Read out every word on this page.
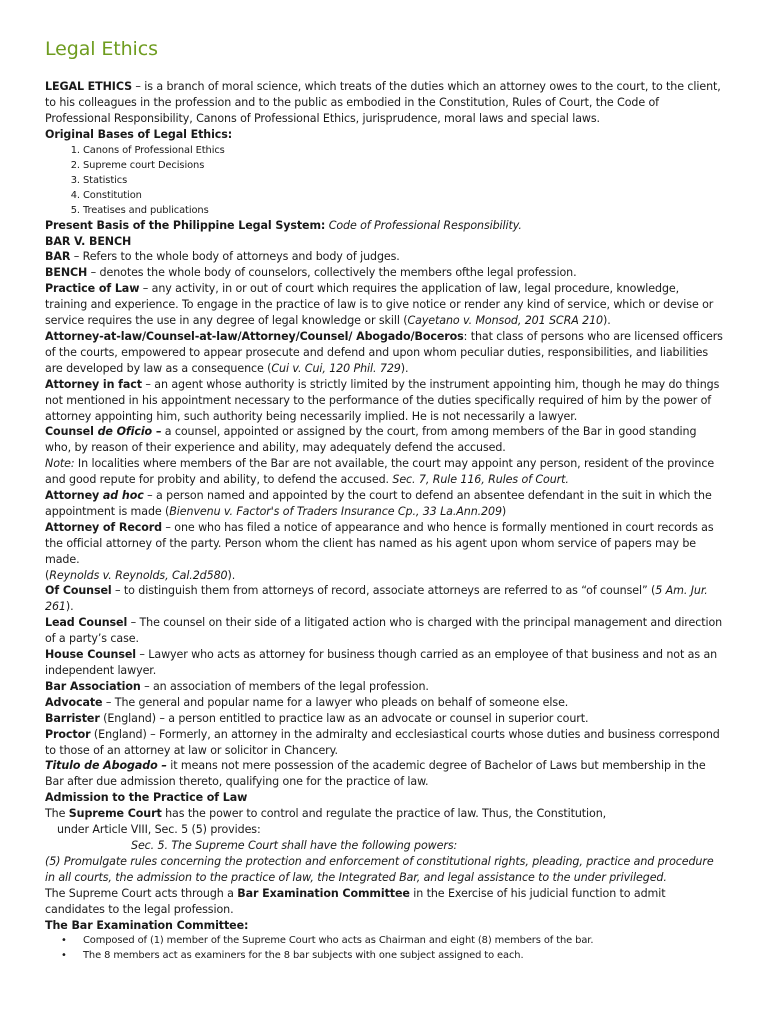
Legal Ethics

LEGAL ETHICS – is a branch of moral science, which treats of the duties which an attorney owes to the court, to the client, to his colleagues in the profession and to the public as embodied in the Constitution, Rules of Court, the Code of Professional Responsibility, Canons of Professional Ethics, jurisprudence, moral laws and special laws.

Original Bases of Legal Ethics:

1. Canons of Professional Ethics
2. Supreme court Decisions
3. Statistics
4. Constitution
5. Treatises and publications

Present Basis of the Philippine Legal System: Code of Professional Responsibility.

BAR V. BENCH

BAR – Refers to the whole body of attorneys and body of judges.

BENCH – denotes the whole body of counselors, collectively the members ofthe legal profession.

Practice of Law – any activity, in or out of court which requires the application of law, legal procedure, knowledge, training and experience. To engage in the practice of law is to give notice or render any kind of service, which or devise or service requires the use in any degree of legal knowledge or skill (Cayetano v. Monsod, 201 SCRA 210).

Attorney-at-law/Counsel-at-law/Attorney/Counsel/ Abogado/Boceros: that class of persons who are licensed officers of the courts, empowered to appear prosecute and defend and upon whom peculiar duties, responsibilities, and liabilities are developed by law as a consequence (Cui v. Cui, 120 Phil. 729).

Attorney in fact – an agent whose authority is strictly limited by the instrument appointing him, though he may do things not mentioned in his appointment necessary to the performance of the duties specifically required of him by the power of attorney appointing him, such authority being necessarily implied. He is not necessarily a lawyer.

Counsel de Oficio – a counsel, appointed or assigned by the court, from among members of the Bar in good standing who, by reason of their experience and ability, may adequately defend the accused.

Note: In localities where members of the Bar are not available, the court may appoint any person, resident of the province and good repute for probity and ability, to defend the accused. Sec. 7, Rule 116, Rules of Court.

Attorney ad hoc – a person named and appointed by the court to defend an absentee defendant in the suit in which the appointment is made (Bienvenu v. Factor's of Traders Insurance Cp., 33 La.Ann.209)

Attorney of Record – one who has filed a notice of appearance and who hence is formally mentioned in court records as the official attorney of the party. Person whom the client has named as his agent upon whom service of papers may be made.

(Reynolds v. Reynolds, Cal.2d580).

Of Counsel – to distinguish them from attorneys of record, associate attorneys are referred to as “of counsel” (5 Am. Jur. 261).

Lead Counsel – The counsel on their side of a litigated action who is charged with the principal management and direction of a party’s case.

House Counsel – Lawyer who acts as attorney for business though carried as an employee of that business and not as an independent lawyer.

Bar Association – an association of members of the legal profession.

Advocate – The general and popular name for a lawyer who pleads on behalf of someone else.

Barrister (England) – a person entitled to practice law as an advocate or counsel in superior court.

Proctor (England) – Formerly, an attorney in the admiralty and ecclesiastical courts whose duties and business correspond to those of an attorney at law or solicitor in Chancery.

Titulo de Abogado – it means not mere possession of the academic degree of Bachelor of Laws but membership in the Bar after due admission thereto, qualifying one for the practice of law.

Admission to the Practice of Law

The Supreme Court has the power to control and regulate the practice of law. Thus, the Constitution,

under Article VIII, Sec. 5 (5) provides:

Sec. 5. The Supreme Court shall have the following powers:
(5) Promulgate rules concerning the protection and enforcement of constitutional rights, pleading, practice and procedure in all courts, the admission to the practice of law, the Integrated Bar, and legal assistance to the under privileged.

The Supreme Court acts through a Bar Examination Committee in the Exercise of his judicial function to admit candidates to the legal profession.

The Bar Examination Committee:

• Composed of (1) member of the Supreme Court who acts as Chairman and eight (8) members of the bar.
• The 8 members act as examiners for the 8 bar subjects with one subject assigned to each.
